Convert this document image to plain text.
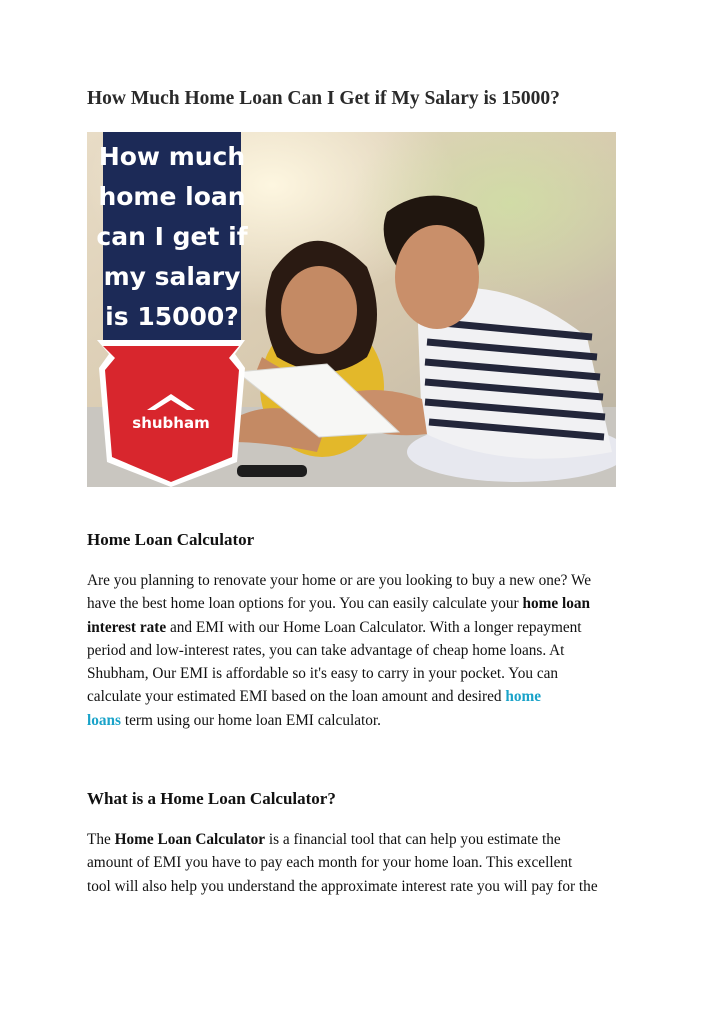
How Much Home Loan Can I Get if My Salary is 15000?
How much
home loan
can I get if
my salary
is 15000?
shubham
Home Loan Calculator

Are you planning to renovate your home or are you looking to buy a new one? We
have the best home loan options for you. You can easily calculate your home loan
interest rate and EMI with our Home Loan Calculator. With a longer repayment
period and low-interest rates, you can take advantage of cheap home loans. At
Shubham, Our EMI is affordable so it's easy to carry in your pocket. You can
calculate your estimated EMI based on the loan amount and desired home
loans term using our home loan EMI calculator.

What is a Home Loan Calculator?

The Home Loan Calculator is a financial tool that can help you estimate the
amount of EMI you have to pay each month for your home loan. This excellent
tool will also help you understand the approximate interest rate you will pay for the
